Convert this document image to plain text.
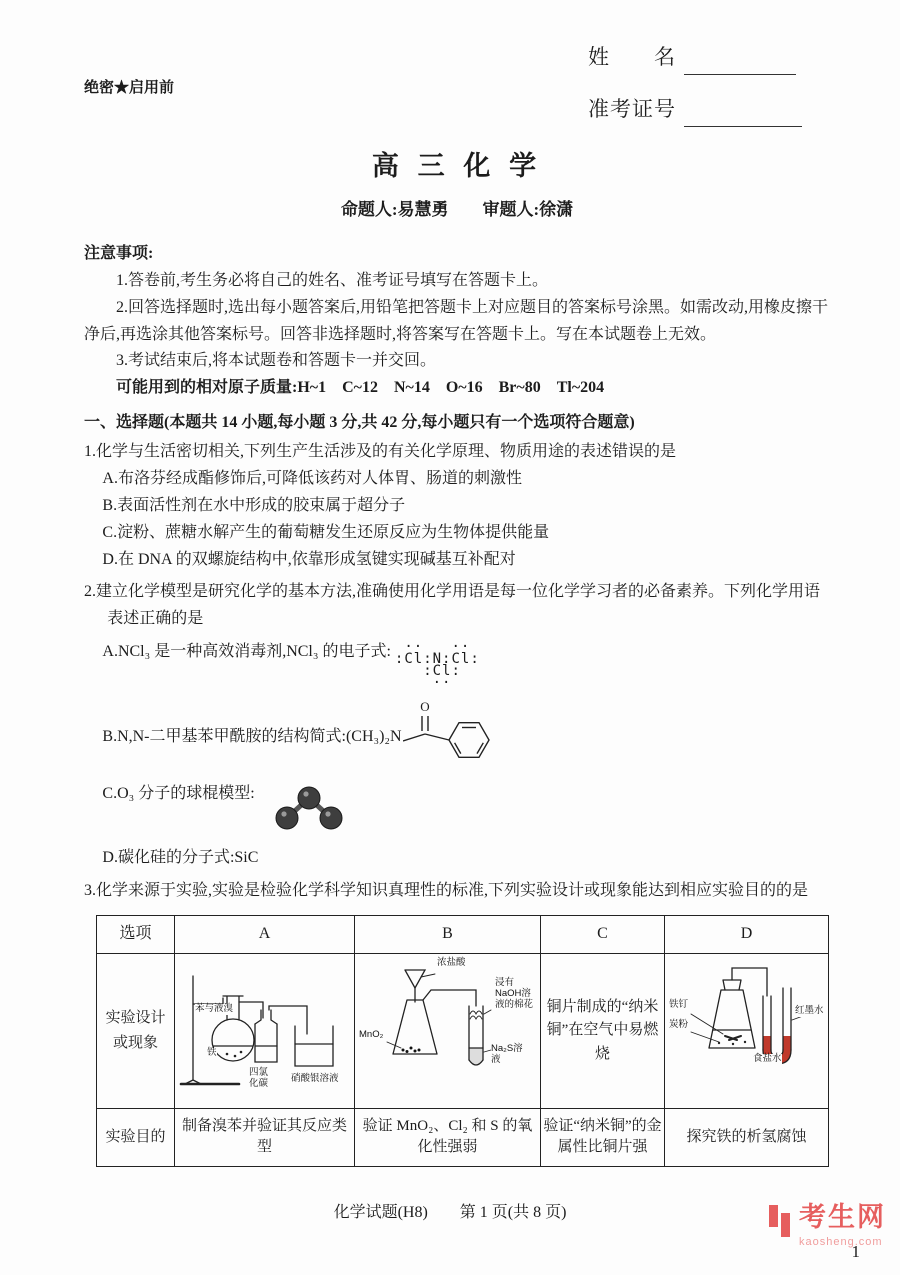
绝密★启用前
姓　　名
准考证号
高 三 化 学
命题人:易慧勇　　审题人:徐潇
注意事项:

1.答卷前,考生务必将自己的姓名、准考证号填写在答题卡上。

2.回答选择题时,选出每小题答案后,用铅笔把答题卡上对应题目的答案标号涂黑。如需改动,用橡皮擦干净后,再选涂其他答案标号。回答非选择题时,将答案写在答题卡上。写在本试题卷上无效。

3.考试结束后,将本试题卷和答题卡一并交回。

可能用到的相对原子质量:H~1　C~12　N~14　O~16　Br~80　Tl~204

一、选择题(本题共 14 小题,每小题 3 分,共 42 分,每小题只有一个选项符合题意)

1.化学与生活密切相关,下列生产生活涉及的有关化学原理、物质用途的表述错误的是

A.布洛芬经成酯修饰后,可降低该药对人体胃、肠道的刺激性

B.表面活性剂在水中形成的胶束属于超分子

C.淀粉、蔗糖水解产生的葡萄糖发生还原反应为生物体提供能量

D.在 DNA 的双螺旋结构中,依靠形成氢键实现碱基互补配对

2.建立化学模型是研究化学的基本方法,准确使用化学用语是每一位化学学习者的必备素养。下列化学用语表述正确的是

A.NCl₃ 是一种高效消毒剂,NCl₃ 的电子式: ··   ··
:Cl:N:Cl:
:Cl:
··
B.N,N-二甲基苯甲酰胺的结构简式:(CH₃)₂N
O
C.O₃ 分子的球棍模型:

D.碳化硅的分子式:SiC

3.化学来源于实验,实验是检验化学科学知识真理性的标准,下列实验设计或现象能达到相应实验目的的是

选项	A	B	C	D
实验设计或现象	苯与液溴
铁
四氯化碳 硝酸银溶液	浓盐酸
MnO₂
浸有NaOH溶液的棉花
Na₂S溶液	铜片制成的“纳米铜”在空气中易燃烧	铁钉
炭粉
红墨水
食盐水

实验目的	制备溴苯并验证其反应类型	验证 MnO₂、Cl₂ 和 S 的氧化性强弱	验证“纳米铜”的金属性比铜片强	探究铁的析氢腐蚀
化学试题(H8)　　第 1 页(共 8 页)	考生网
kaosheng.com
1
